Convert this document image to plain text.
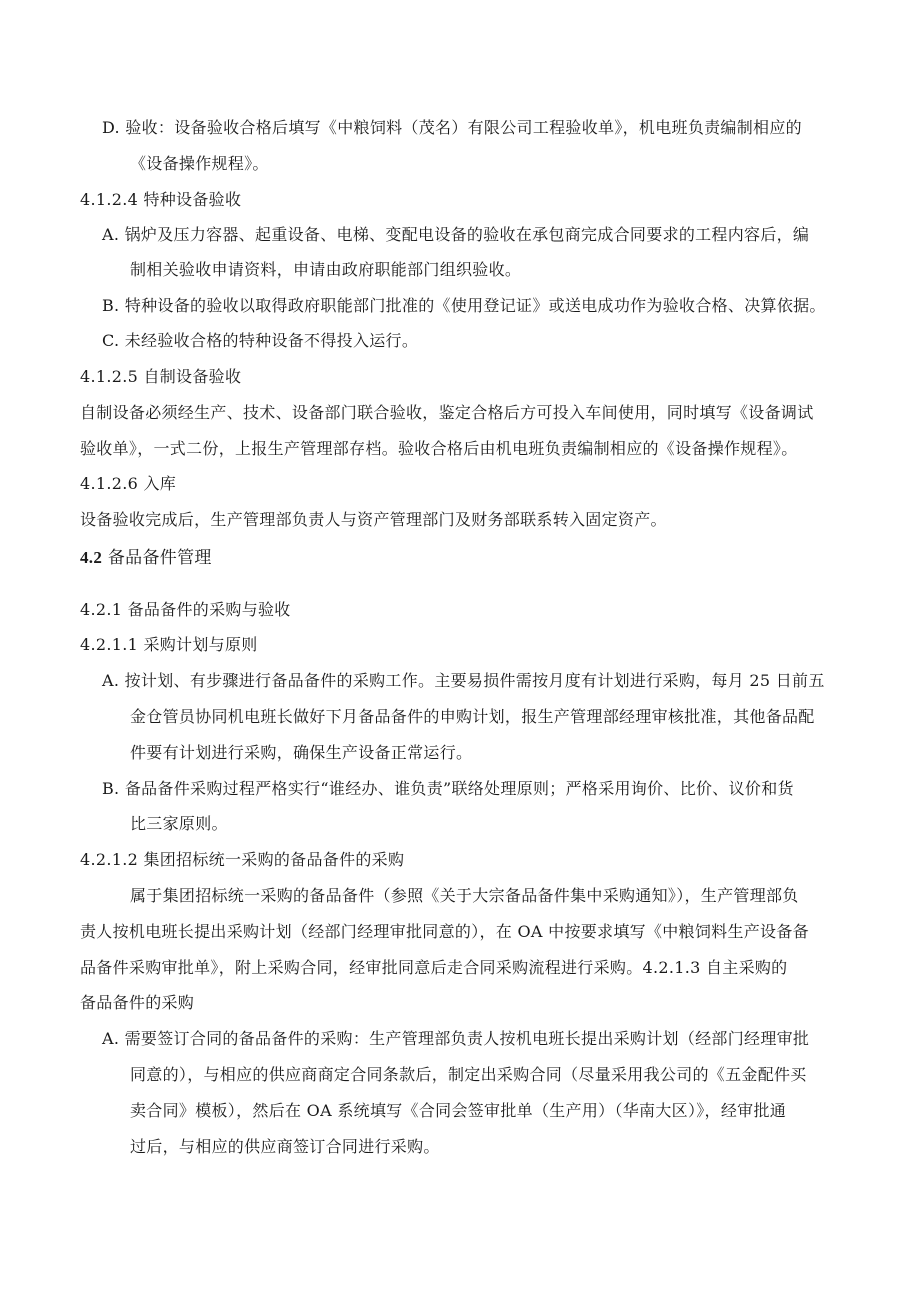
D. 验收：设备验收合格后填写《中粮饲料（茂名）有限公司工程验收单》，机电班负责编制相应的
《设备操作规程》。
4.1.2.4 特种设备验收
A. 锅炉及压力容器、起重设备、电梯、变配电设备的验收在承包商完成合同要求的工程内容后，编
制相关验收申请资料，申请由政府职能部门组织验收。
B. 特种设备的验收以取得政府职能部门批准的《使用登记证》或送电成功作为验收合格、决算依据。
C. 未经验收合格的特种设备不得投入运行。
4.1.2.5 自制设备验收
自制设备必须经生产、技术、设备部门联合验收，鉴定合格后方可投入车间使用，同时填写《设备调试
验收单》，一式二份，上报生产管理部存档。验收合格后由机电班负责编制相应的《设备操作规程》。
4.1.2.6 入库
设备验收完成后，生产管理部负责人与资产管理部门及财务部联系转入固定资产。
4.2 备品备件管理
4.2.1 备品备件的采购与验收
4.2.1.1 采购计划与原则
A. 按计划、有步骤进行备品备件的采购工作。主要易损件需按月度有计划进行采购，每月 25 日前五
金仓管员协同机电班长做好下月备品备件的申购计划，报生产管理部经理审核批准，其他备品配
件要有计划进行采购，确保生产设备正常运行。
B. 备品备件采购过程严格实行“谁经办、谁负责”联络处理原则；严格采用询价、比价、议价和货
比三家原则。
4.2.1.2 集团招标统一采购的备品备件的采购
属于集团招标统一采购的备品备件（参照《关于大宗备品备件集中采购通知》），生产管理部负
责人按机电班长提出采购计划（经部门经理审批同意的），在 OA 中按要求填写《中粮饲料生产设备备
品备件采购审批单》，附上采购合同，经审批同意后走合同采购流程进行采购。4.2.1.3 自主采购的
备品备件的采购
A. 需要签订合同的备品备件的采购：生产管理部负责人按机电班长提出采购计划（经部门经理审批
同意的），与相应的供应商商定合同条款后，制定出采购合同（尽量采用我公司的《五金配件买
卖合同》模板），然后在 OA 系统填写《合同会签审批单（生产用）（华南大区）》，经审批通
过后，与相应的供应商签订合同进行采购。
